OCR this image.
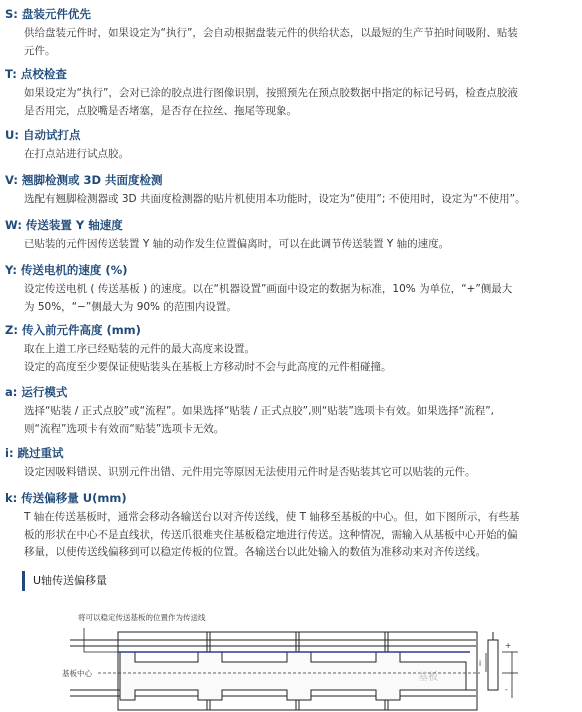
S: 盘装元件优先

供给盘装元件时，如果设定为“执行”，会自动根据盘装元件的供给状态，以最短的生产节拍时间吸附、贴装

元件。

T: 点校检查

如果设定为“执行”，会对已涂的胶点进行图像识别，按照预先在预点胶数据中指定的标记号码，检查点胶液

是否用完，点胶嘴是否堵塞，是否存在拉丝、拖尾等现象。

U: 自动试打点

在打点站进行试点胶。

V: 翘脚检测或 3D 共面度检测

选配有翘脚检测器或 3D 共面度检测器的贴片机使用本功能时，设定为“使用”; 不使用时，设定为“不使用”。

W: 传送装置 Y 轴速度

已贴装的元件因传送装置 Y 轴的动作发生位置偏离时，可以在此调节传送装置 Y 轴的速度。

Y: 传送电机的速度 (%)

设定传送电机 ( 传送基板 ) 的速度。以在“机器设置”画面中设定的数据为标准，10% 为单位，“+”侧最大

为 50%，“−”侧最大为 90% 的范围内设置。

Z: 传入前元件高度 (mm)

取在上道工序已经贴装的元件的最大高度来设置。

设定的高度至少要保证使贴装头在基板上方移动时不会与此高度的元件相碰撞。

a: 运行模式

选择“贴装 / 正式点胶”或“流程”。如果选择“贴装 / 正式点胶”,则“贴装”选项卡有效。如果选择“流程”,

则“流程”选项卡有效而“贴装”选项卡无效。

i: 跳过重试

设定因吸料错误、识别元件出错、元件用完等原因无法使用元件时是否贴装其它可以贴装的元件。

k: 传送偏移量 U(mm)

T 轴在传送基板时，通常会移动各输送台以对齐传送线，使 T 轴移至基板的中心。但，如下图所示，有些基

板的形状在中心不是直线状，传送爪很难夹住基板稳定地进行传送。这种情况，需输入从基板中心开始的偏

移量，以使传送线偏移到可以稳定传板的位置。各输送台以此处输入的数值为准移动来对齐传送线。

U轴传送偏移量
将可以稳定传送基板的位置作为传送线
基板中心	基板
i
+
-
